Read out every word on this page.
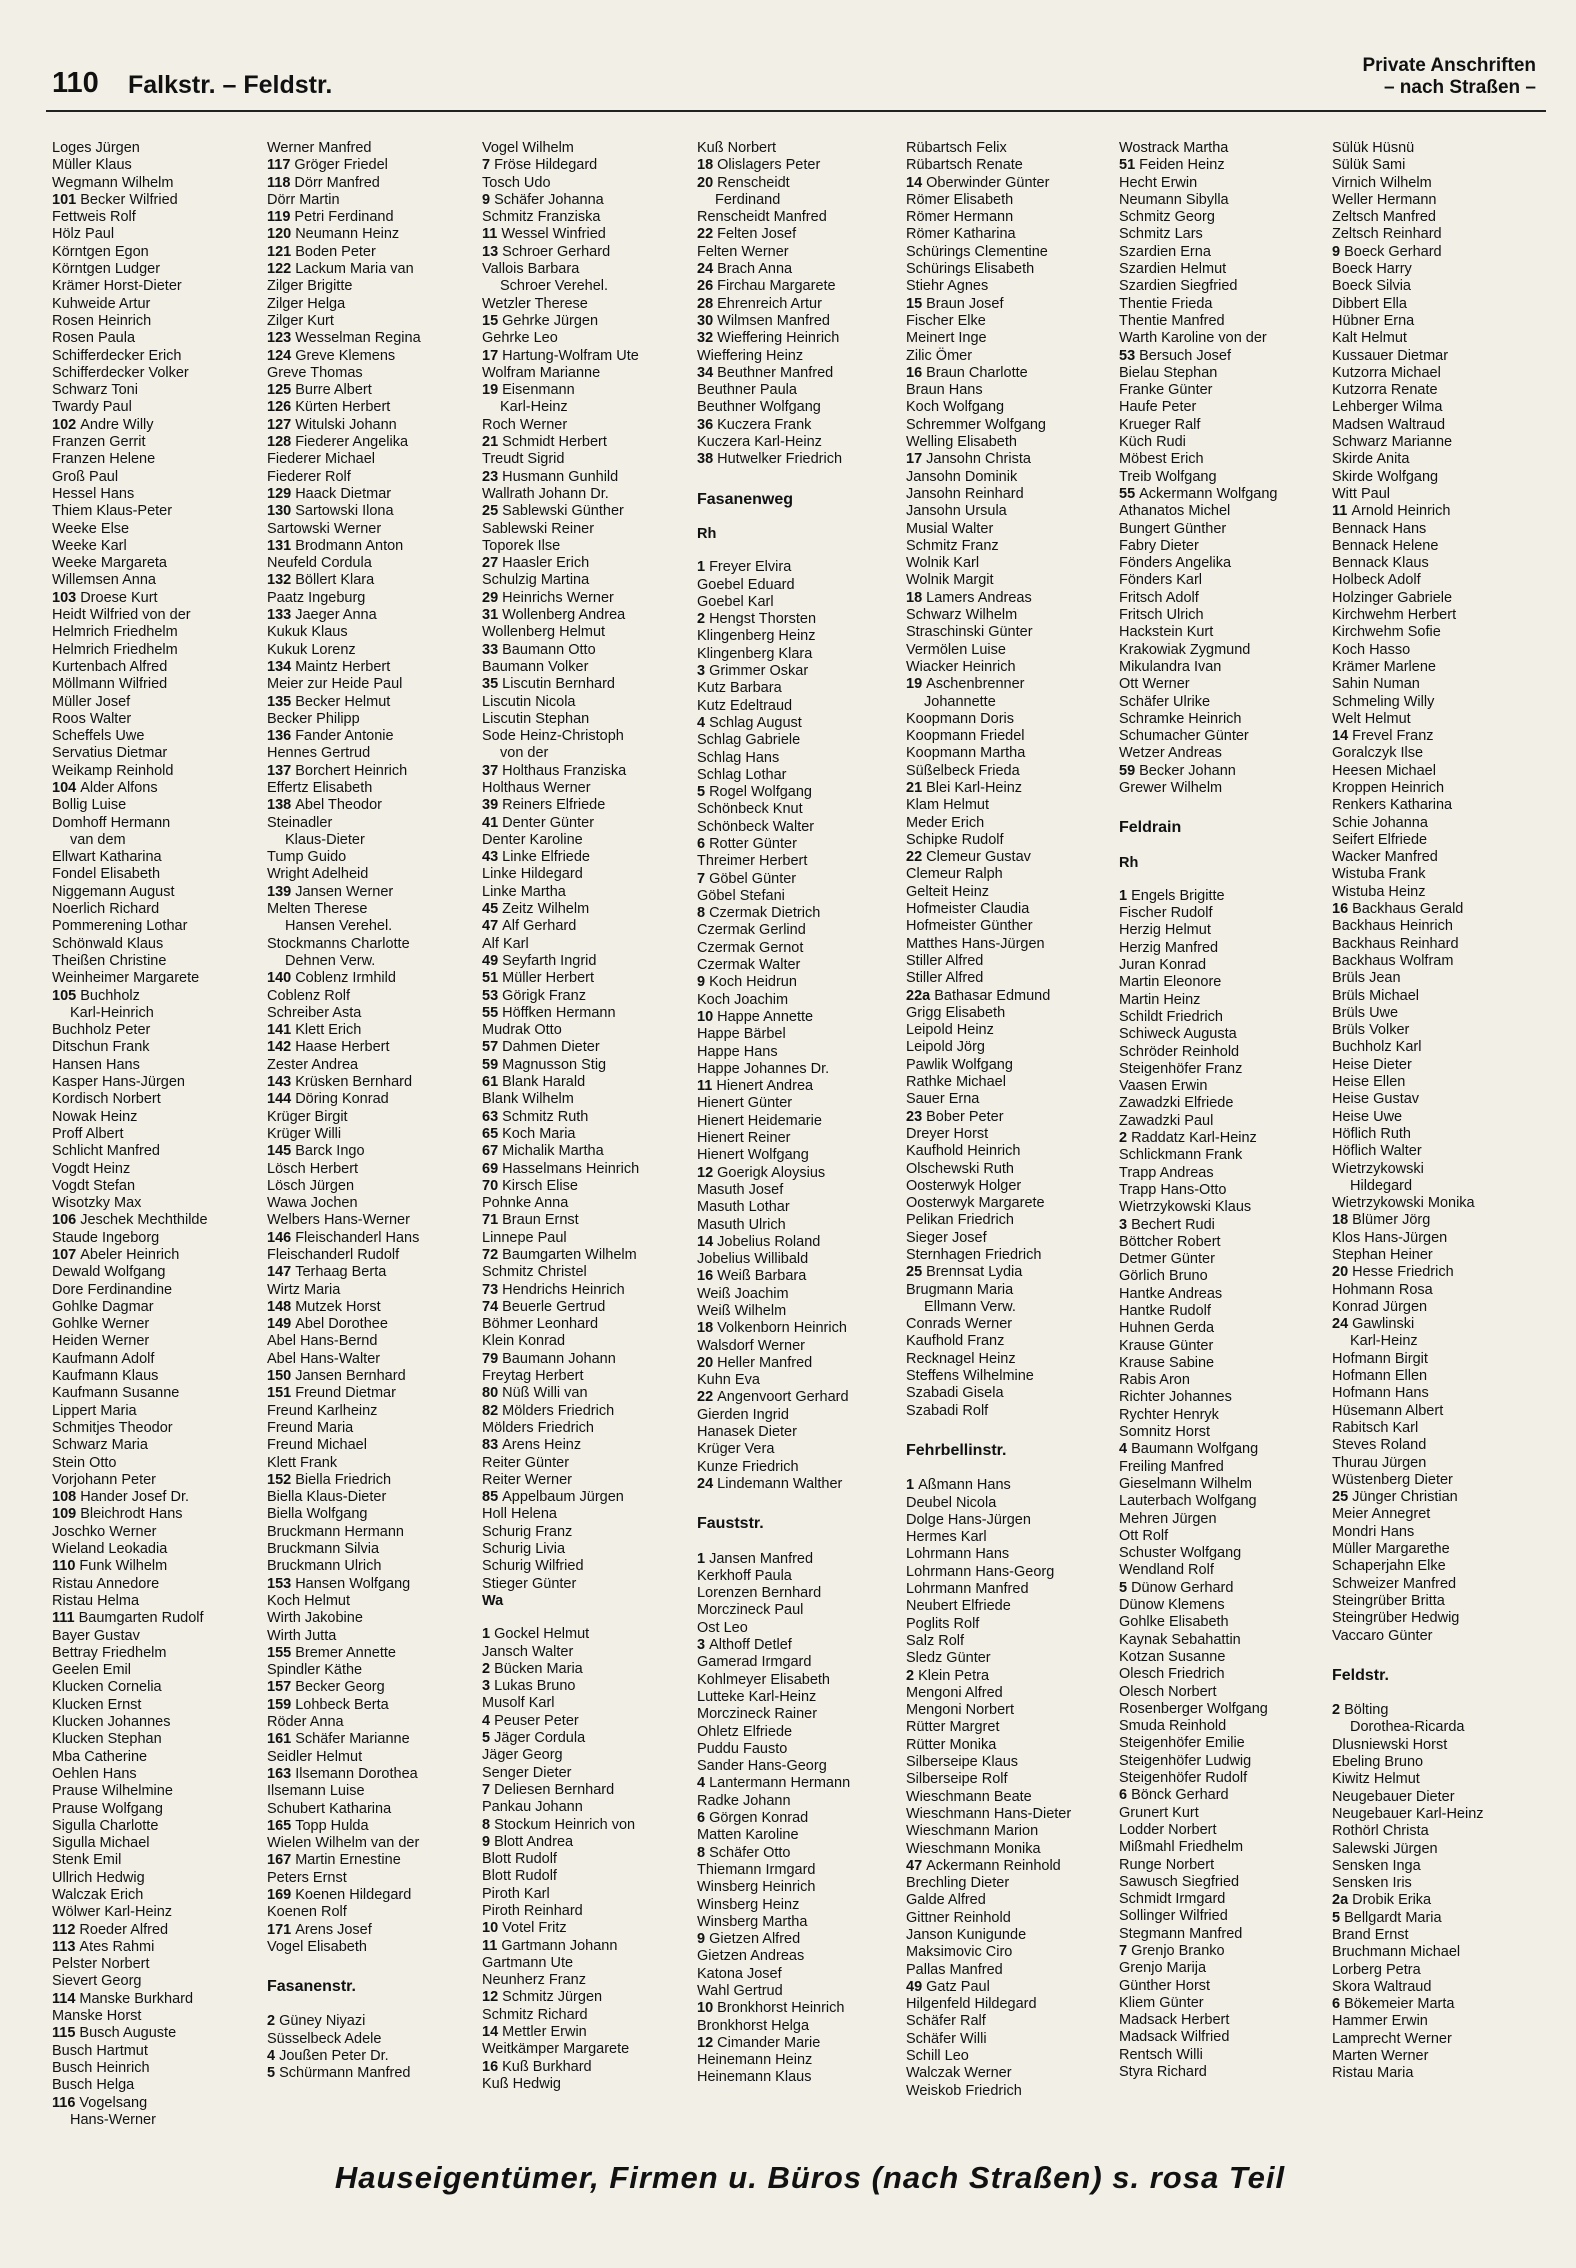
110 Falkstr. – Feldstr.
Private Anschriften
– nach Straßen –
Loges Jürgen
Müller Klaus
Wegmann Wilhelm
101 Becker Wilfried
Fettweis Rolf
Hölz Paul
Körntgen Egon
Körntgen Ludger
Krämer Horst-Dieter
Kuhweide Artur
Rosen Heinrich
Rosen Paula
Schifferdecker Erich
Schifferdecker Volker
Schwarz Toni
Twardy Paul
102 Andre Willy
Franzen Gerrit
Franzen Helene
Groß Paul
Hessel Hans
Thiem Klaus-Peter
Weeke Else
Weeke Karl
Weeke Margareta
Willemsen Anna
103 Droese Kurt
Heidt Wilfried von der
Helmrich Friedhelm
Helmrich Friedhelm
Kurtenbach Alfred
Möllmann Wilfried
Müller Josef
Roos Walter
Scheffels Uwe
Servatius Dietmar
Weikamp Reinhold
104 Alder Alfons
Bollig Luise
Domhoff Hermann
van dem
Ellwart Katharina
Fondel Elisabeth
Niggemann August
Noerlich Richard
Pommerening Lothar
Schönwald Klaus
Theißen Christine
Weinheimer Margarete
105 Buchholz
Karl-Heinrich
Buchholz Peter
Ditschun Frank
Hansen Hans
Kasper Hans-Jürgen
Kordisch Norbert
Nowak Heinz
Proff Albert
Schlicht Manfred
Vogdt Heinz
Vogdt Stefan
Wisotzky Max
106 Jeschek Mechthilde
Staude Ingeborg
107 Abeler Heinrich
Dewald Wolfgang
Dore Ferdinandine
Gohlke Dagmar
Gohlke Werner
Heiden Werner
Kaufmann Adolf
Kaufmann Klaus
Kaufmann Susanne
Lippert Maria
Schmitjes Theodor
Schwarz Maria
Stein Otto
Vorjohann Peter
108 Hander Josef Dr.
109 Bleichrodt Hans
Joschko Werner
Wieland Leokadia
110 Funk Wilhelm
Ristau Annedore
Ristau Helma
111 Baumgarten Rudolf
Bayer Gustav
Bettray Friedhelm
Geelen Emil
Klucken Cornelia
Klucken Ernst
Klucken Johannes
Klucken Stephan
Mba Catherine
Oehlen Hans
Prause Wilhelmine
Prause Wolfgang
Sigulla Charlotte
Sigulla Michael
Stenk Emil
Ullrich Hedwig
Walczak Erich
Wölwer Karl-Heinz
112 Roeder Alfred
113 Ates Rahmi
Pelster Norbert
Sievert Georg
114 Manske Burkhard
Manske Horst
115 Busch Auguste
Busch Hartmut
Busch Heinrich
Busch Helga
116 Vogelsang
Hans-Werner
Werner Manfred
117 Gröger Friedel
118 Dörr Manfred
Dörr Martin
119 Petri Ferdinand
120 Neumann Heinz
121 Boden Peter
122 Lackum Maria van
Zilger Brigitte
Zilger Helga
Zilger Kurt
123 Wesselman Regina
124 Greve Klemens
Greve Thomas
125 Burre Albert
126 Kürten Herbert
127 Witulski Johann
128 Fiederer Angelika
Fiederer Michael
Fiederer Rolf
129 Haack Dietmar
130 Sartowski Ilona
Sartowski Werner
131 Brodmann Anton
Neufeld Cordula
132 Böllert Klara
Paatz Ingeburg
133 Jaeger Anna
Kukuk Klaus
Kukuk Lorenz
134 Maintz Herbert
Meier zur Heide Paul
135 Becker Helmut
Becker Philipp
136 Fander Antonie
Hennes Gertrud
137 Borchert Heinrich
Effertz Elisabeth
138 Abel Theodor
Steinadler
Klaus-Dieter
Tump Guido
Wright Adelheid
139 Jansen Werner
Melten Therese
Hansen Verehel.
Stockmanns Charlotte
Dehnen Verw.
140 Coblenz Irmhild
Coblenz Rolf
Schreiber Asta
141 Klett Erich
142 Haase Herbert
Zester Andrea
143 Krüsken Bernhard
144 Döring Konrad
Krüger Birgit
Krüger Willi
145 Barck Ingo
Lösch Herbert
Lösch Jürgen
Wawa Jochen
Welbers Hans-Werner
146 Fleischanderl Hans
Fleischanderl Rudolf
147 Terhaag Berta
Wirtz Maria
148 Mutzek Horst
149 Abel Dorothee
Abel Hans-Bernd
Abel Hans-Walter
150 Jansen Bernhard
151 Freund Dietmar
Freund Karlheinz
Freund Maria
Freund Michael
Klett Frank
152 Biella Friedrich
Biella Klaus-Dieter
Biella Wolfgang
Bruckmann Hermann
Bruckmann Silvia
Bruckmann Ulrich
153 Hansen Wolfgang
Koch Helmut
Wirth Jakobine
Wirth Jutta
155 Bremer Annette
Spindler Käthe
157 Becker Georg
159 Lohbeck Berta
Röder Anna
161 Schäfer Marianne
Seidler Helmut
163 Ilsemann Dorothea
Ilsemann Luise
Schubert Katharina
165 Topp Hulda
Wielen Wilhelm van der
167 Martin Ernestine
Peters Ernst
169 Koenen Hildegard
Koenen Rolf
171 Arens Josef
Vogel Elisabeth
Fasanenstr.
2 Güney Niyazi
Süsselbeck Adele
4 Joußen Peter Dr.
5 Schürmann Manfred
Vogel Wilhelm
7 Fröse Hildegard
Tosch Udo
9 Schäfer Johanna
Schmitz Franziska
11 Wessel Winfried
13 Schroer Gerhard
Vallois Barbara
Schroer Verehel.
Wetzler Therese
15 Gehrke Jürgen
Gehrke Leo
17 Hartung-Wolfram Ute
Wolfram Marianne
19 Eisenmann
Karl-Heinz
Roch Werner
21 Schmidt Herbert
Treudt Sigrid
23 Husmann Gunhild
Wallrath Johann Dr.
25 Sablewski Günther
Sablewski Reiner
Toporek Ilse
27 Haasler Erich
Schulzig Martina
29 Heinrichs Werner
31 Wollenberg Andrea
Wollenberg Helmut
33 Baumann Otto
Baumann Volker
35 Liscutin Bernhard
Liscutin Nicola
Liscutin Stephan
Sode Heinz-Christoph
von der
37 Holthaus Franziska
Holthaus Werner
39 Reiners Elfriede
41 Denter Günter
Denter Karoline
43 Linke Elfriede
Linke Hildegard
Linke Martha
45 Zeitz Wilhelm
47 Alf Gerhard
Alf Karl
49 Seyfarth Ingrid
51 Müller Herbert
53 Görigk Franz
55 Höffken Hermann
Mudrak Otto
57 Dahmen Dieter
59 Magnusson Stig
61 Blank Harald
Blank Wilhelm
63 Schmitz Ruth
65 Koch Maria
67 Michalik Martha
69 Hasselmans Heinrich
70 Kirsch Elise
Pohnke Anna
71 Braun Ernst
Linnepe Paul
72 Baumgarten Wilhelm
Schmitz Christel
73 Hendrichs Heinrich
74 Beuerle Gertrud
Böhmer Leonhard
Klein Konrad
79 Baumann Johann
Freytag Herbert
80 Nüß Willi van
82 Mölders Friedrich
Mölders Friedrich
83 Arens Heinz
Reiter Günter
Reiter Werner
85 Appelbaum Jürgen
Holl Helena
Schurig Franz
Schurig Livia
Schurig Wilfried
Stieger Günter
Wa
1 Gockel Helmut
Jansch Walter
2 Bücken Maria
3 Lukas Bruno
Musolf Karl
4 Peuser Peter
5 Jäger Cordula
Jäger Georg
Senger Dieter
7 Deliesen Bernhard
Pankau Johann
8 Stockum Heinrich von
9 Blott Andrea
Blott Rudolf
Blott Rudolf
Piroth Karl
Piroth Reinhard
10 Votel Fritz
11 Gartmann Johann
Gartmann Ute
Neunherz Franz
12 Schmitz Jürgen
Schmitz Richard
14 Mettler Erwin
Weitkämper Margarete
16 Kuß Burkhard
Kuß Hedwig
Kuß Norbert
18 Olislagers Peter
20 Renscheidt
Ferdinand
Renscheidt Manfred
22 Felten Josef
Felten Werner
24 Brach Anna
26 Firchau Margarete
28 Ehrenreich Artur
30 Wilmsen Manfred
32 Wieffering Heinrich
Wieffering Heinz
34 Beuthner Manfred
Beuthner Paula
Beuthner Wolfgang
36 Kuczera Frank
Kuczera Karl-Heinz
38 Hutwelker Friedrich
Fasanenweg
Rh
1 Freyer Elvira
Goebel Eduard
Goebel Karl
2 Hengst Thorsten
Klingenberg Heinz
Klingenberg Klara
3 Grimmer Oskar
Kutz Barbara
Kutz Edeltraud
4 Schlag August
Schlag Gabriele
Schlag Hans
Schlag Lothar
5 Rogel Wolfgang
Schönbeck Knut
Schönbeck Walter
6 Rotter Günter
Threimer Herbert
7 Göbel Günter
Göbel Stefani
8 Czermak Dietrich
Czermak Gerlind
Czermak Gernot
Czermak Walter
9 Koch Heidrun
Koch Joachim
10 Happe Annette
Happe Bärbel
Happe Hans
Happe Johannes Dr.
11 Hienert Andrea
Hienert Günter
Hienert Heidemarie
Hienert Reiner
Hienert Wolfgang
12 Goerigk Aloysius
Masuth Josef
Masuth Lothar
Masuth Ulrich
14 Jobelius Roland
Jobelius Willibald
16 Weiß Barbara
Weiß Joachim
Weiß Wilhelm
18 Volkenborn Heinrich
Walsdorf Werner
20 Heller Manfred
Kuhn Eva
22 Angenvoort Gerhard
Gierden Ingrid
Hanasek Dieter
Krüger Vera
Kunze Friedrich
24 Lindemann Walther
Fauststr.
1 Jansen Manfred
Kerkhoff Paula
Lorenzen Bernhard
Morczineck Paul
Ost Leo
3 Althoff Detlef
Gamerad Irmgard
Kohlmeyer Elisabeth
Lutteke Karl-Heinz
Morczineck Rainer
Ohletz Elfriede
Puddu Fausto
Sander Hans-Georg
4 Lantermann Hermann
Radke Johann
6 Görgen Konrad
Matten Karoline
8 Schäfer Otto
Thiemann Irmgard
Winsberg Heinrich
Winsberg Heinz
Winsberg Martha
9 Gietzen Alfred
Gietzen Andreas
Katona Josef
Wahl Gertrud
10 Bronkhorst Heinrich
Bronkhorst Helga
12 Cimander Marie
Heinemann Heinz
Heinemann Klaus
Rübartsch Felix
Rübartsch Renate
14 Oberwinder Günter
Römer Elisabeth
Römer Hermann
Römer Katharina
Schürings Clementine
Schürings Elisabeth
Stiehr Agnes
15 Braun Josef
Fischer Elke
Meinert Inge
Zilic Ömer
16 Braun Charlotte
Braun Hans
Koch Wolfgang
Schremmer Wolfgang
Welling Elisabeth
17 Jansohn Christa
Jansohn Dominik
Jansohn Reinhard
Jansohn Ursula
Musial Walter
Schmitz Franz
Wolnik Karl
Wolnik Margit
18 Lamers Andreas
Schwarz Wilhelm
Straschinski Günter
Vermölen Luise
Wiacker Heinrich
19 Aschenbrenner
Johannette
Koopmann Doris
Koopmann Friedel
Koopmann Martha
Süßelbeck Frieda
21 Blei Karl-Heinz
Klam Helmut
Meder Erich
Schipke Rudolf
22 Clemeur Gustav
Clemeur Ralph
Gelteit Heinz
Hofmeister Claudia
Hofmeister Günther
Matthes Hans-Jürgen
Stiller Alfred
Stiller Alfred
22a Bathasar Edmund
Grigg Elisabeth
Leipold Heinz
Leipold Jörg
Pawlik Wolfgang
Rathke Michael
Sauer Erna
23 Bober Peter
Dreyer Horst
Kaufhold Heinrich
Olschewski Ruth
Oosterwyk Holger
Oosterwyk Margarete
Pelikan Friedrich
Sieger Josef
Sternhagen Friedrich
25 Brennsat Lydia
Brugmann Maria
Ellmann Verw.
Conrads Werner
Kaufhold Franz
Recknagel Heinz
Steffens Wilhelmine
Szabadi Gisela
Szabadi Rolf
Fehrbellinstr.
1 Aßmann Hans
Deubel Nicola
Dolge Hans-Jürgen
Hermes Karl
Lohrmann Hans
Lohrmann Hans-Georg
Lohrmann Manfred
Neubert Elfriede
Poglits Rolf
Salz Rolf
Sledz Günter
2 Klein Petra
Mengoni Alfred
Mengoni Norbert
Rütter Margret
Rütter Monika
Silberseipe Klaus
Silberseipe Rolf
Wieschmann Beate
Wieschmann Hans-Dieter
Wieschmann Marion
Wieschmann Monika
47 Ackermann Reinhold
Brechling Dieter
Galde Alfred
Gittner Reinhold
Janson Kunigunde
Maksimovic Ciro
Pallas Manfred
49 Gatz Paul
Hilgenfeld Hildegard
Schäfer Ralf
Schäfer Willi
Schill Leo
Walczak Werner
Weiskob Friedrich
Wostrack Martha
51 Feiden Heinz
Hecht Erwin
Neumann Sibylla
Schmitz Georg
Schmitz Lars
Szardien Erna
Szardien Helmut
Szardien Siegfried
Thentie Frieda
Thentie Manfred
Warth Karoline von der
53 Bersuch Josef
Bielau Stephan
Franke Günter
Haufe Peter
Krueger Ralf
Küch Rudi
Möbest Erich
Treib Wolfgang
55 Ackermann Wolfgang
Athanatos Michel
Bungert Günther
Fabry Dieter
Fönders Angelika
Fönders Karl
Fritsch Adolf
Fritsch Ulrich
Hackstein Kurt
Krakowiak Zygmund
Mikulandra Ivan
Ott Werner
Schäfer Ulrike
Schramke Heinrich
Schumacher Günter
Wetzer Andreas
59 Becker Johann
Grewer Wilhelm
Feldrain
Rh
1 Engels Brigitte
Fischer Rudolf
Herzig Helmut
Herzig Manfred
Juran Konrad
Martin Eleonore
Martin Heinz
Schildt Friedrich
Schiweck Augusta
Schröder Reinhold
Steigenhöfer Franz
Vaasen Erwin
Zawadzki Elfriede
Zawadzki Paul
2 Raddatz Karl-Heinz
Schlickmann Frank
Trapp Andreas
Trapp Hans-Otto
Wietrzykowski Klaus
3 Bechert Rudi
Böttcher Robert
Detmer Günter
Görlich Bruno
Hantke Andreas
Hantke Rudolf
Huhnen Gerda
Krause Günter
Krause Sabine
Rabis Aron
Richter Johannes
Rychter Henryk
Somnitz Horst
4 Baumann Wolfgang
Freiling Manfred
Gieselmann Wilhelm
Lauterbach Wolfgang
Mehren Jürgen
Ott Rolf
Schuster Wolfgang
Wendland Rolf
5 Dünow Gerhard
Dünow Klemens
Gohlke Elisabeth
Kaynak Sebahattin
Kotzan Susanne
Olesch Friedrich
Olesch Norbert
Rosenberger Wolfgang
Smuda Reinhold
Steigenhöfer Emilie
Steigenhöfer Ludwig
Steigenhöfer Rudolf
6 Bönck Gerhard
Grunert Kurt
Lodder Norbert
Mißmahl Friedhelm
Runge Norbert
Sawusch Siegfried
Schmidt Irmgard
Sollinger Wilfried
Stegmann Manfred
7 Grenjo Branko
Grenjo Marija
Günther Horst
Kliem Günter
Madsack Herbert
Madsack Wilfried
Rentsch Willi
Styra Richard
Sülük Hüsnü
Sülük Sami
Virnich Wilhelm
Weller Hermann
Zeltsch Manfred
Zeltsch Reinhard
9 Boeck Gerhard
Boeck Harry
Boeck Silvia
Dibbert Ella
Hübner Erna
Kalt Helmut
Kussauer Dietmar
Kutzorra Michael
Kutzorra Renate
Lehberger Wilma
Madsen Waltraud
Schwarz Marianne
Skirde Anita
Skirde Wolfgang
Witt Paul
11 Arnold Heinrich
Bennack Hans
Bennack Helene
Bennack Klaus
Holbeck Adolf
Holzinger Gabriele
Kirchwehm Herbert
Kirchwehm Sofie
Koch Hasso
Krämer Marlene
Sahin Numan
Schmeling Willy
Welt Helmut
14 Frevel Franz
Goralczyk Ilse
Heesen Michael
Kroppen Heinrich
Renkers Katharina
Schie Johanna
Seifert Elfriede
Wacker Manfred
Wistuba Frank
Wistuba Heinz
16 Backhaus Gerald
Backhaus Heinrich
Backhaus Reinhard
Backhaus Wolfram
Brüls Jean
Brüls Michael
Brüls Uwe
Brüls Volker
Buchholz Karl
Heise Dieter
Heise Ellen
Heise Gustav
Heise Uwe
Höflich Ruth
Höflich Walter
Wietrzykowski
Hildegard
Wietrzykowski Monika
18 Blümer Jörg
Klos Hans-Jürgen
Stephan Heiner
20 Hesse Friedrich
Hohmann Rosa
Konrad Jürgen
24 Gawlinski
Karl-Heinz
Hofmann Birgit
Hofmann Ellen
Hofmann Hans
Hüsemann Albert
Rabitsch Karl
Steves Roland
Thurau Jürgen
Wüstenberg Dieter
25 Jünger Christian
Meier Annegret
Mondri Hans
Müller Margarethe
Schaperjahn Elke
Schweizer Manfred
Steingrüber Britta
Steingrüber Hedwig
Vaccaro Günter
Feldstr.
2 Bölting
Dorothea-Ricarda
Dlusniewski Horst
Ebeling Bruno
Kiwitz Helmut
Neugebauer Dieter
Neugebauer Karl-Heinz
Rothörl Christa
Salewski Jürgen
Sensken Inga
Sensken Iris
2a Drobik Erika
5 Bellgardt Maria
Brand Ernst
Bruchmann Michael
Lorberg Petra
Skora Waltraud
6 Bökemeier Marta
Hammer Erwin
Lamprecht Werner
Marten Werner
Ristau Maria
Hauseigentümer, Firmen u. Büros (nach Straßen) s. rosa Teil
